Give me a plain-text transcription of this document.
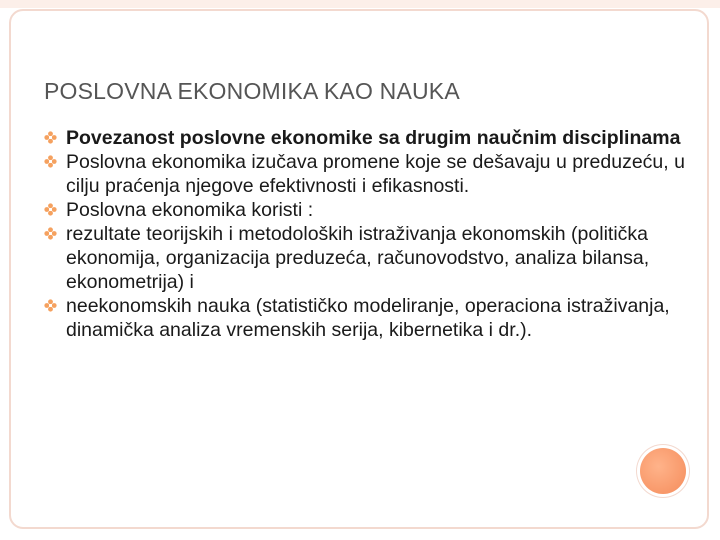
POSLOVNA EKONOMIKA KAO NAUKA
Povezanost poslovne ekonomike sa drugim naučnim disciplinama
Poslovna ekonomika izučava promene koje se dešavaju u preduzeću, u cilju praćenja njegove efektivnosti i efikasnosti.
Poslovna ekonomika koristi :
rezultate teorijskih i metodoloških istraživanja ekonomskih (politička ekonomija, organizacija preduzeća, računovodstvo, analiza bilansa, ekonometrija) i
neekonomskih nauka (statističko modeliranje, operaciona istraživanja, dinamička analiza vremenskih serija, kibernetika i dr.).
